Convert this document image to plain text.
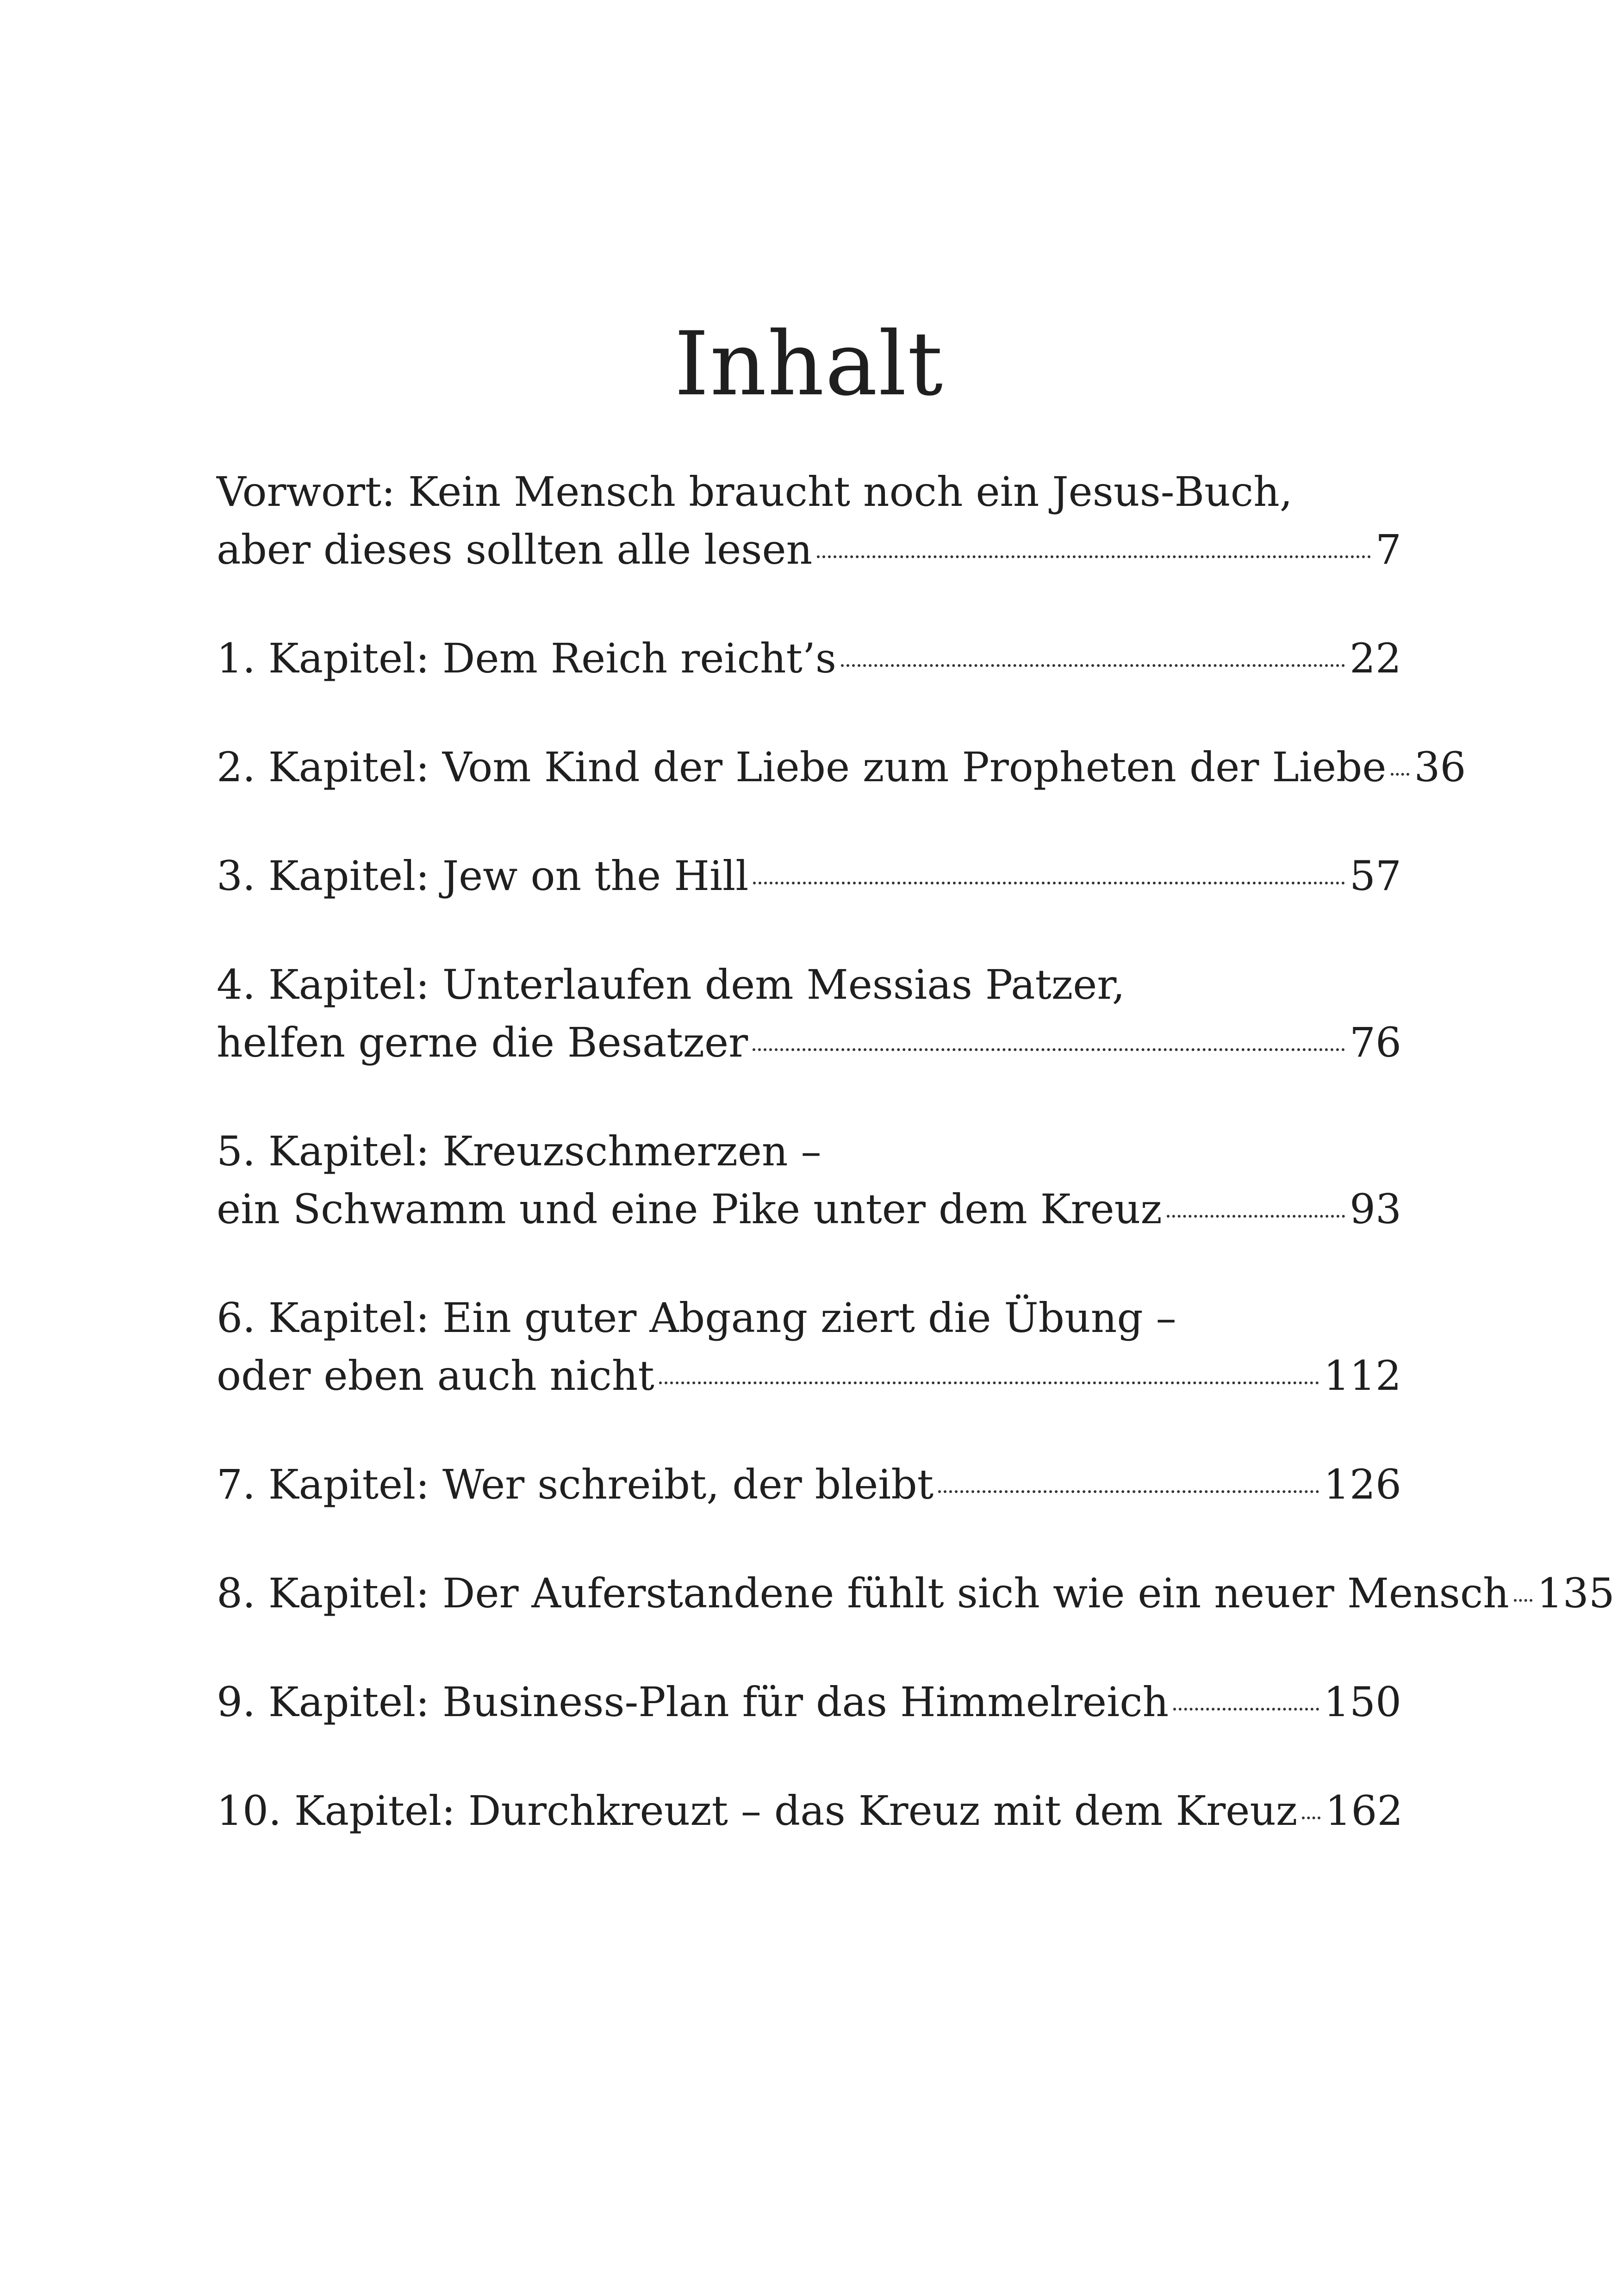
Inhalt
Vorwort: Kein Mensch braucht noch ein Jesus-Buch,
aber dieses sollten alle lesen	7
1. Kapitel: Dem Reich reicht’s	22
2. Kapitel: Vom Kind der Liebe zum Propheten der Liebe 36
3. Kapitel: Jew on the Hill	57
4. Kapitel: Unterlaufen dem Messias Patzer,
helfen gerne die Besatzer	76
5. Kapitel: Kreuzschmerzen –
ein Schwamm und eine Pike unter dem Kreuz	93
6. Kapitel: Ein guter Abgang ziert die Übung –
oder eben auch nicht	112
7. Kapitel: Wer schreibt, der bleibt	126
8. Kapitel: Der Auferstandene fühlt sich wie ein neuer Mensch 135
9. Kapitel: Business-Plan für das Himmelreich	150
10. Kapitel: Durchkreuzt – das Kreuz mit dem Kreuz 162
